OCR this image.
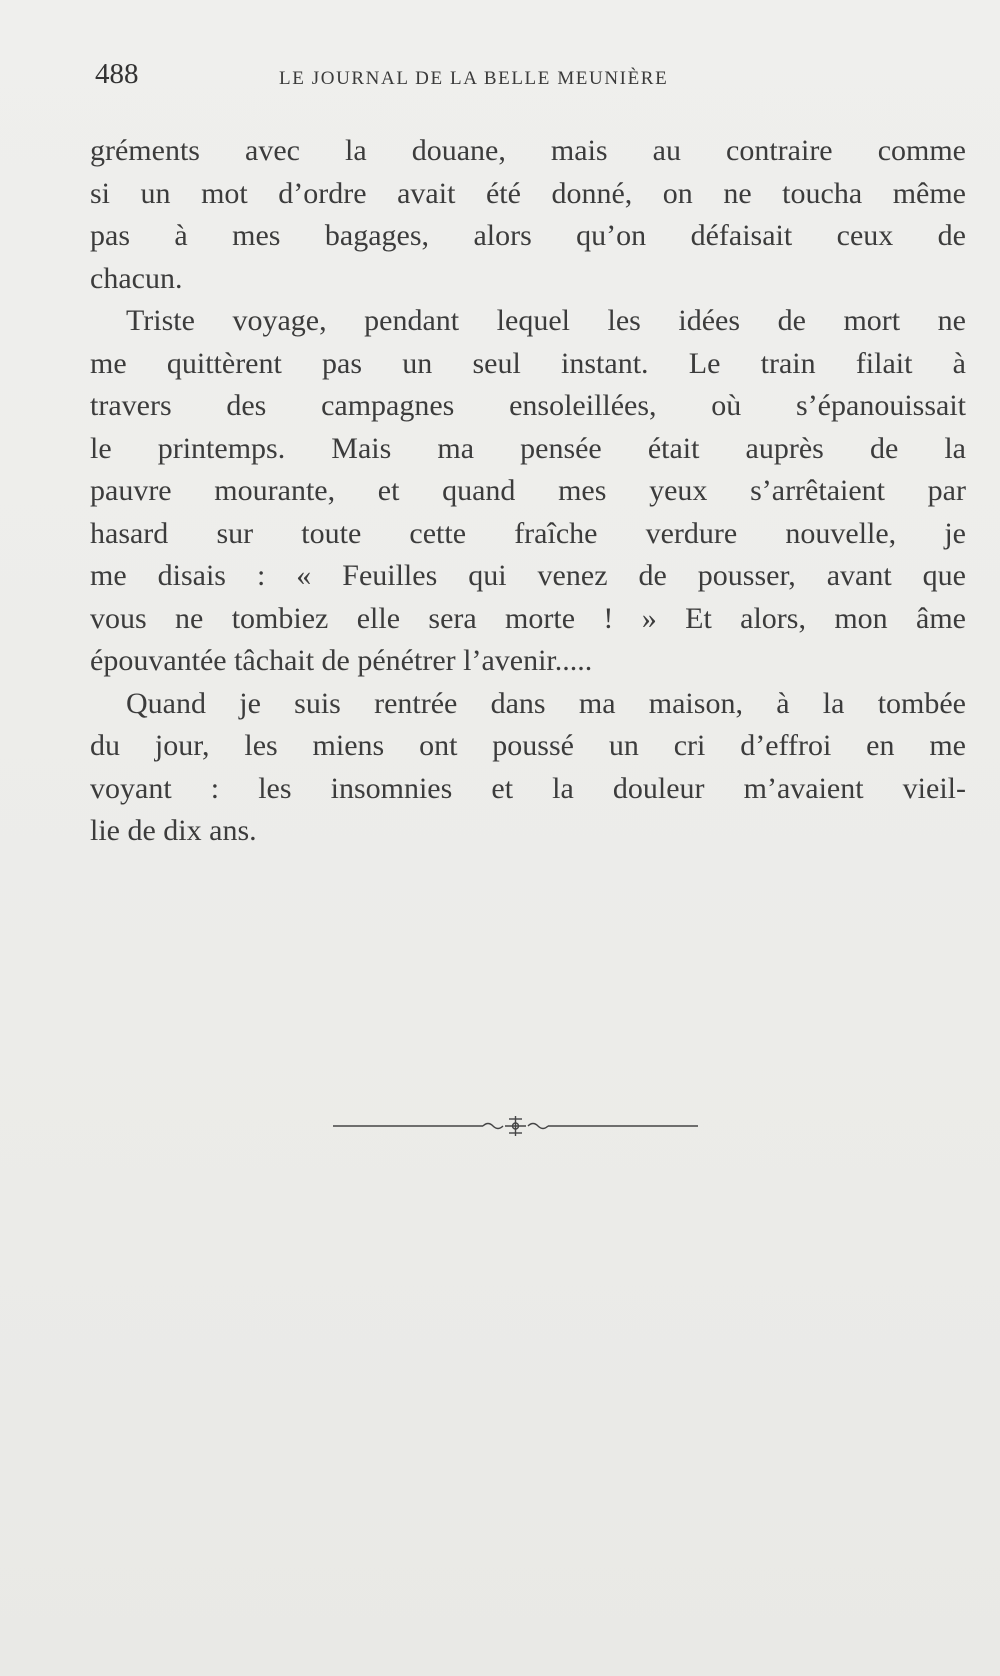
488	LE JOURNAL DE LA BELLE MEUNIÈRE
gréments avec la douane, mais au contraire comme
si un mot d’ordre avait été donné, on ne toucha même
pas à mes bagages, alors qu’on défaisait ceux de
chacun.
Triste voyage, pendant lequel les idées de mort ne
me quittèrent pas un seul instant. Le train filait à
travers des campagnes ensoleillées, où s’épanouissait
le printemps. Mais ma pensée était auprès de la
pauvre mourante, et quand mes yeux s’arrêtaient par
hasard sur toute cette fraîche verdure nouvelle, je
me disais : « Feuilles qui venez de pousser, avant que
vous ne tombiez elle sera morte ! » Et alors, mon âme
épouvantée tâchait de pénétrer l’avenir.....
Quand je suis rentrée dans ma maison, à la tombée
du jour, les miens ont poussé un cri d’effroi en me
voyant : les insomnies et la douleur m’avaient vieil-
lie de dix ans.
